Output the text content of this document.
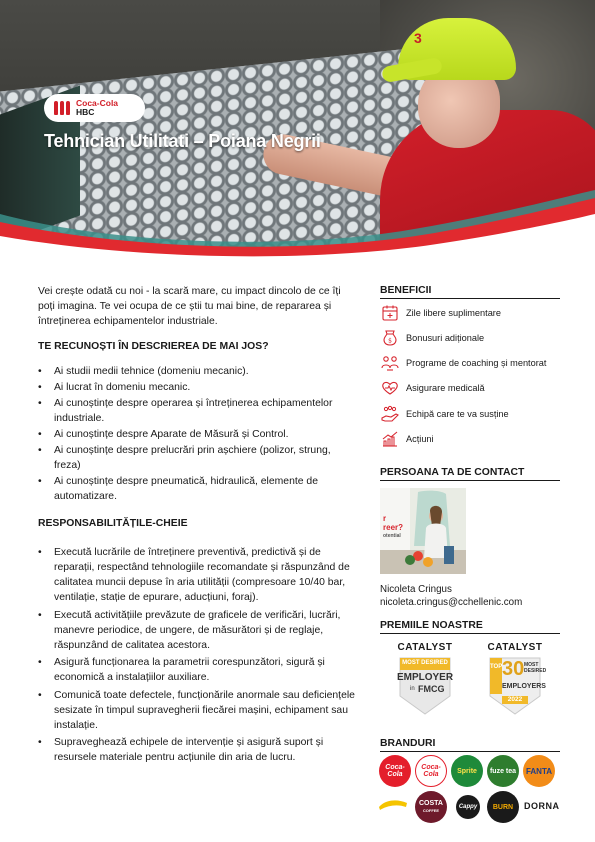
3
Coca-Cola
HBC
Tehnician Utilitati – Poiana Negrii

Vei crește odată cu noi - la scară mare, cu impact dincolo de ce îți poți imagina. Te vei ocupa de ce știi tu mai bine, de repararea și întreținerea echipamentelor industriale.

TE RECUNOȘTI ÎN DESCRIEREA DE MAI JOS?
• Ai studii medii tehnice (domeniu mecanic).
• Ai lucrat în domeniu mecanic.
• Ai cunoștințe despre operarea și întreținerea echipamentelor industriale.
• Ai cunoștințe despre Aparate de Măsură și Control.
• Ai cunoștințe despre prelucrări prin așchiere (polizor, strung, freza)
• Ai cunoștințe despre pneumatică, hidraulică, elemente de automatizare.
RESPONSABILITĂȚILE-CHEIE
• Execută lucrările de întreținere preventivă, predictivă și de reparații, respectând tehnologiile recomandate și răspunzând de calitatea muncii depuse în aria utilității (compresoare 10/40 bar, ventilație, stație de epurare, aducțiuni, foraj).
• Execută activitățiile prevăzute de graficele de verificări, lucrări, manevre periodice, de ungere, de măsurători și de reglaje, răspunzând de calitatea acestora.
• Asigură funcționarea la parametrii corespunzători, sigură și economică a instalațiilor auxiliare.
• Comunică toate defectele, funcționările anormale sau deficiențele sesizate în timpul supravegherii fiecărei mașini, echipament sau instalație.
• Supraveghează echipele de intervenție și asigură suport și resursele materiale pentru acțiunile din aria de lucru.
BENEFICII
Zile libere suplimentare
$ Bonusuri adiționale
Programe de coaching și mentorat
Asigurare medicală
Echipă care te va susține
Acțiuni
PERSOANA TA DE CONTACT
r
reer?
otential
Nicoleta Cringus
nicoleta.cringus@cchellenic.com
PREMIILE NOASTRE
CATALYST
MOST DESIRED
EMPLOYER
in FMCG
CATALYST
TOP 30 MOST DESIRED
EMPLOYERS
2022
BRANDURI
Coca-Cola
Coca-Cola	Sprite	fuze tea	FANTA
COSTA
COFFEE
Cappy	BURN	DORNA
